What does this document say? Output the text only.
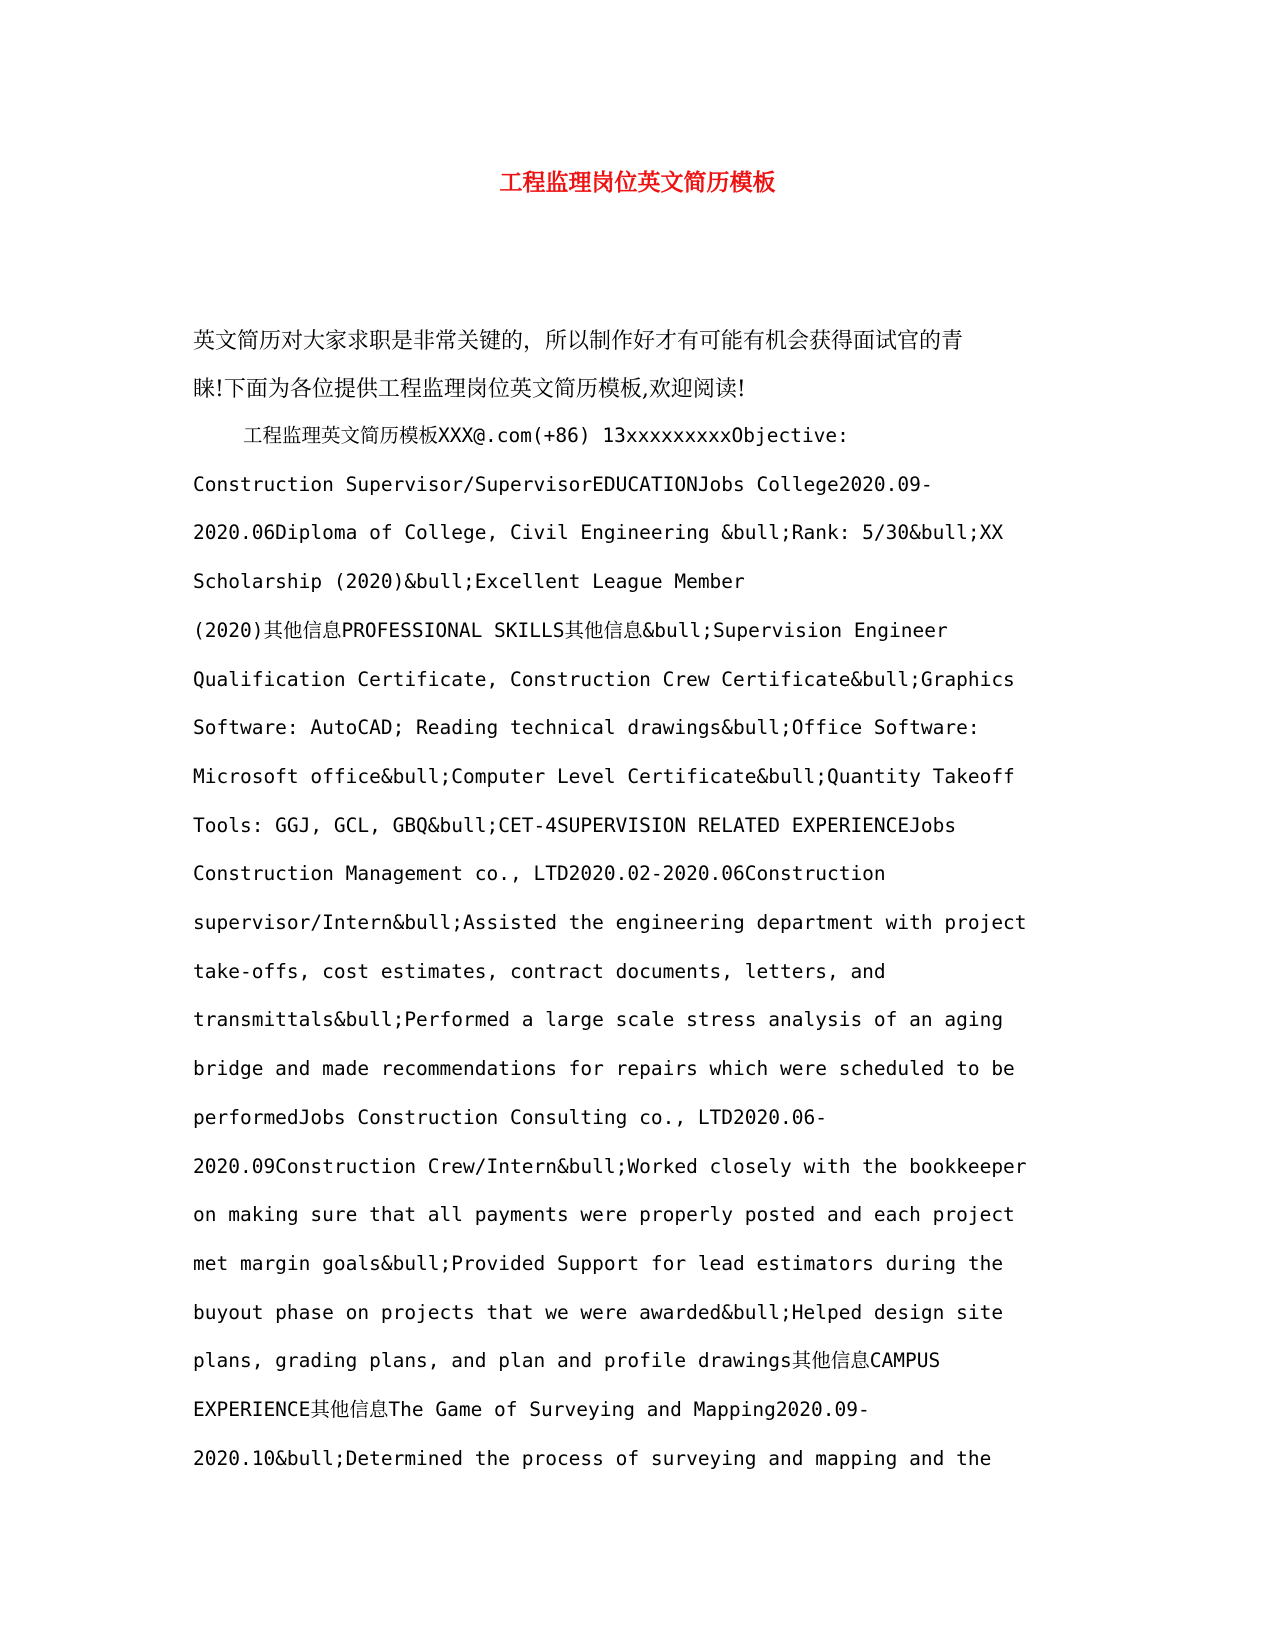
工程监理岗位英文简历模板
英文简历对大家求职是非常关键的，所以制作好才有可能有机会获得面试官的青
睐!下面为各位提供工程监理岗位英文简历模板,欢迎阅读!
工程监理英文简历模板XXX@.com(+86) 13xxxxxxxxxObjective:
Construction Supervisor/SupervisorEDUCATIONJobs College2020.09-
2020.06Diploma of College, Civil Engineering &bull;Rank: 5/30&bull;XX
Scholarship (2020)&bull;Excellent League Member
(2020)其他信息PROFESSIONAL SKILLS其他信息&bull;Supervision Engineer
Qualification Certificate, Construction Crew Certificate&bull;Graphics
Software: AutoCAD; Reading technical drawings&bull;Office Software:
Microsoft office&bull;Computer Level Certificate&bull;Quantity Takeoff
Tools: GGJ, GCL, GBQ&bull;CET-4SUPERVISION RELATED EXPERIENCEJobs
Construction Management co., LTD2020.02-2020.06Construction
supervisor/Intern&bull;Assisted the engineering department with project
take-offs, cost estimates, contract documents, letters, and
transmittals&bull;Performed a large scale stress analysis of an aging
bridge and made recommendations for repairs which were scheduled to be
performedJobs Construction Consulting co., LTD2020.06-
2020.09Construction Crew/Intern&bull;Worked closely with the bookkeeper
on making sure that all payments were properly posted and each project
met margin goals&bull;Provided Support for lead estimators during the
buyout phase on projects that we were awarded&bull;Helped design site
plans, grading plans, and plan and profile drawings其他信息CAMPUS
EXPERIENCE其他信息The Game of Surveying and Mapping2020.09-
2020.10&bull;Determined the process of surveying and mapping and the
